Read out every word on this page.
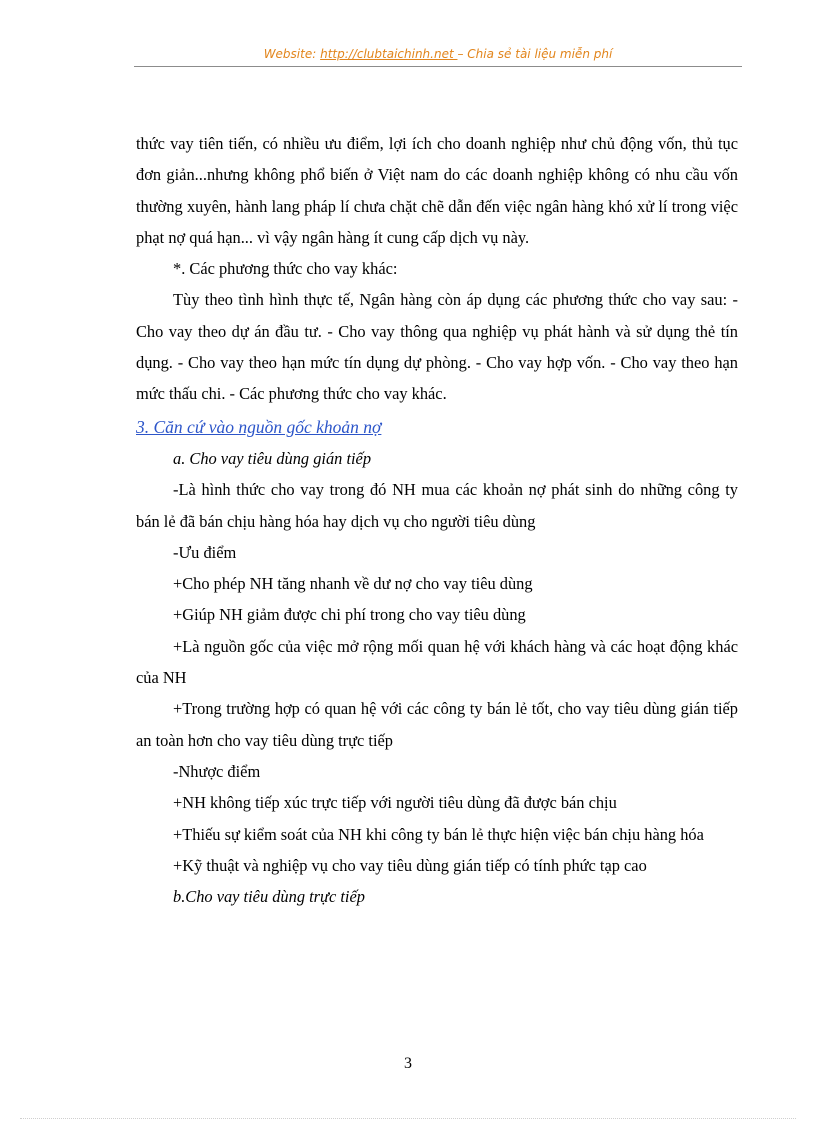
Website: http://clubtaichinh.net – Chia sẻ tài liệu miễn phí

thức vay tiên tiến, có nhiều ưu điểm, lợi ích cho doanh nghiệp như chủ động vốn, thủ tục đơn giản...nhưng không phổ biến ở Việt nam do các doanh nghiệp không có nhu cầu vốn thường xuyên, hành lang pháp lí chưa chặt chẽ dẫn đến việc ngân hàng khó xử lí trong việc phạt nợ quá hạn... vì vậy ngân hàng ít cung cấp dịch vụ này.

*. Các phương thức cho vay khác:

Tùy theo tình hình thực tế, Ngân hàng còn áp dụng các phương thức cho vay sau: - Cho vay theo dự án đầu tư. - Cho vay thông qua nghiệp vụ phát hành và sử dụng thẻ tín dụng. - Cho vay theo hạn mức tín dụng dự phòng. - Cho vay hợp vốn. - Cho vay theo hạn mức thấu chi. - Các phương thức cho vay khác.

3. Căn cứ vào nguồn gốc khoản nợ

a. Cho vay tiêu dùng gián tiếp

-Là hình thức cho vay trong đó NH mua các khoản nợ phát sinh do những công ty bán lẻ đã bán chịu hàng hóa hay dịch vụ cho người tiêu dùng

-Ưu điểm

+Cho phép NH tăng nhanh về dư nợ cho vay tiêu dùng

+Giúp NH giảm được chi phí trong cho vay tiêu dùng

+Là nguồn gốc của việc mở rộng mối quan hệ với khách hàng và các hoạt động khác của NH

+Trong trường hợp có quan hệ với các công ty bán lẻ tốt, cho vay tiêu dùng gián tiếp an toàn hơn cho vay tiêu dùng trực tiếp

-Nhược điểm

+NH không tiếp xúc trực tiếp với người tiêu dùng đã được bán chịu

+Thiếu sự kiểm soát của NH khi công ty bán lẻ thực hiện việc bán chịu hàng hóa

+Kỹ thuật và nghiệp vụ cho vay tiêu dùng gián tiếp có tính phức tạp cao

b.Cho vay tiêu dùng trực tiếp

3
